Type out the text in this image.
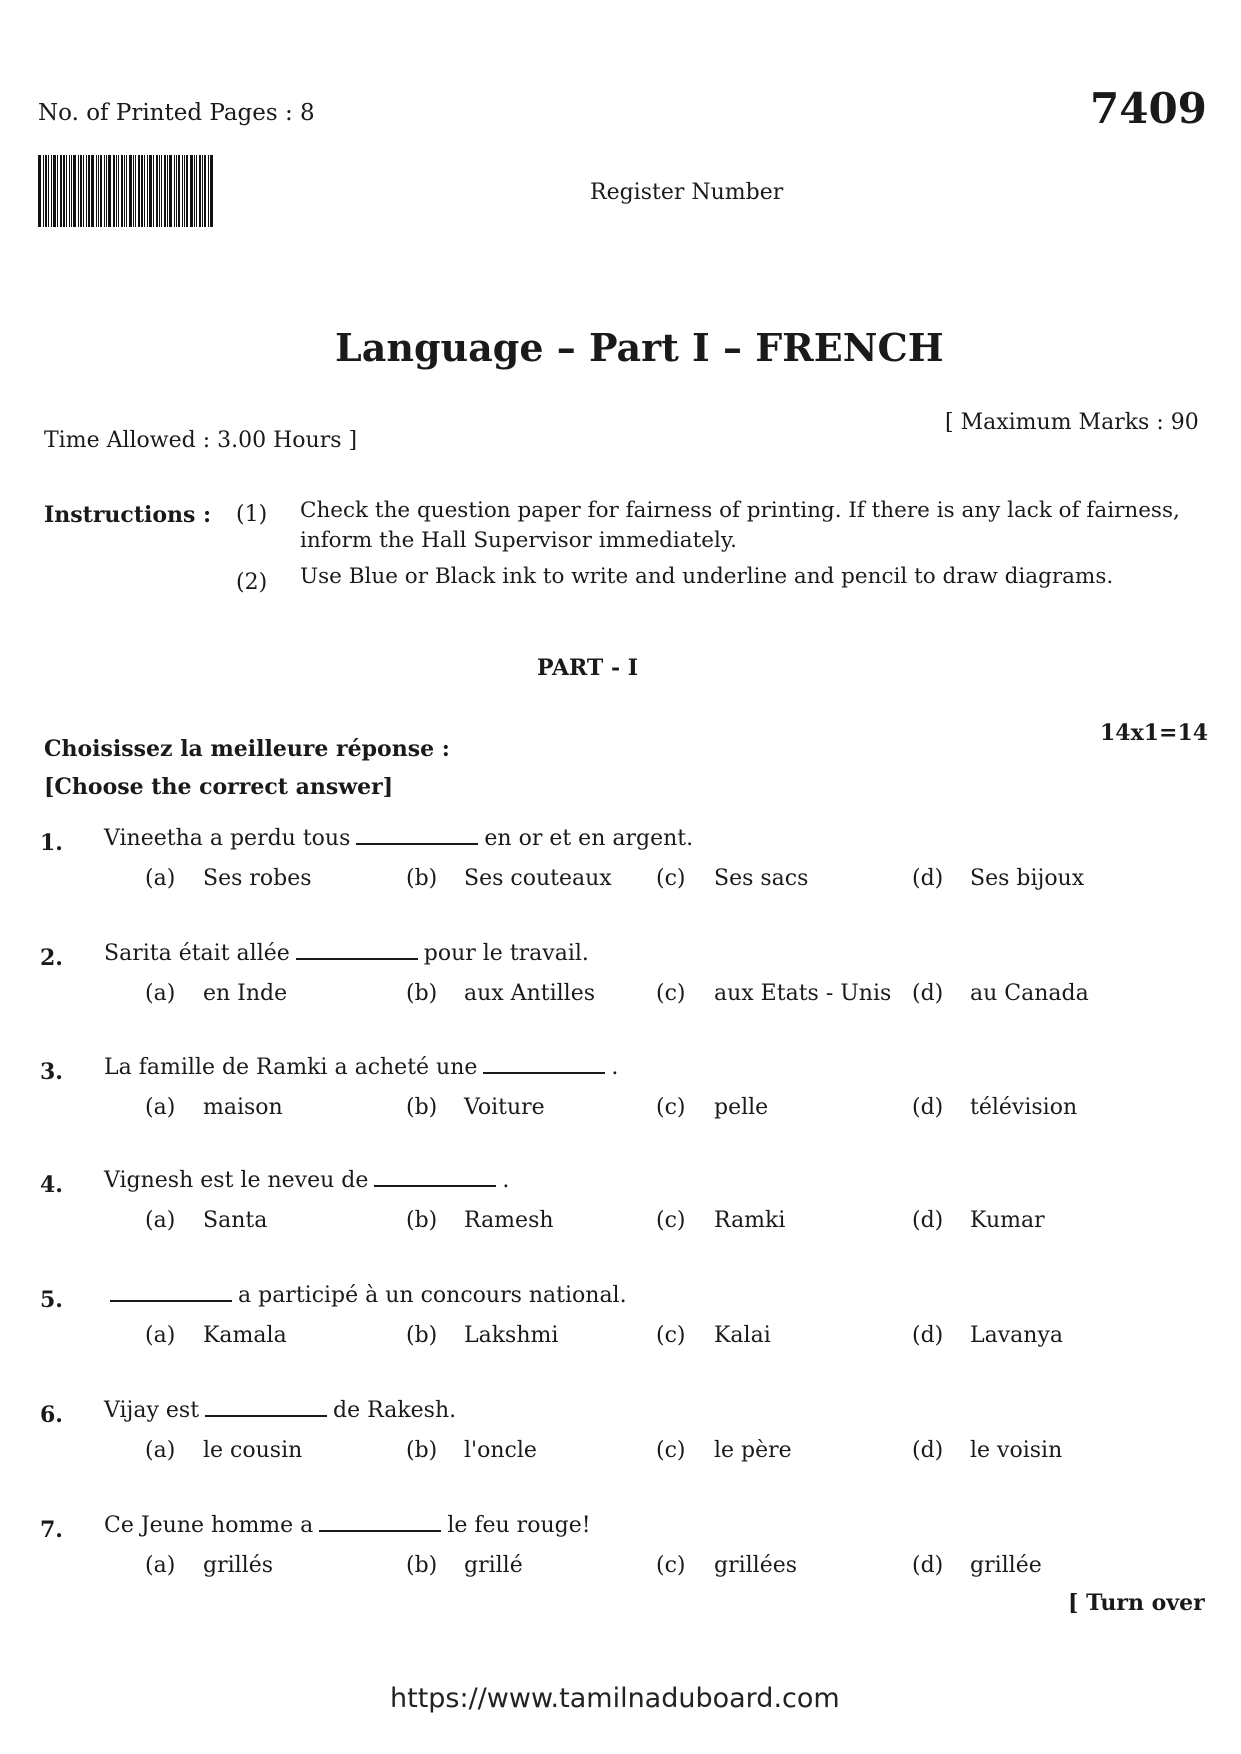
No. of Printed Pages : 8	7409
Register Number
Language – Part I – FRENCH
Time Allowed : 3.00 Hours ]
[ Maximum Marks : 90
Instructions : (1) Check the question paper for fairness of printing. If there is any lack of fairness,
inform the Hall Supervisor immediately.
(2) Use Blue or Black ink to write and underline and pencil to draw diagrams.
PART - I
Choisissez la meilleure réponse :
14x1=14
[Choose the correct answer]
1. Vineetha a perdu tous	en or et en argent.
(a) Ses robes	(b) Ses couteaux (c) Ses sacs	(d) Ses bijoux
2. Sarita était allée	pour le travail.
(a) en Inde	(b) aux Antilles	(c) aux Etats - Unis (d) au Canada
3. La famille de Ramki a acheté une	.
(a) maison	(b) Voiture	(c) pelle	(d) télévision
4. Vignesh est le neveu de	.
(a) Santa	(b) Ramesh	(c) Ramki	(d) Kumar
5.	a participé à un concours national.
(a) Kamala	(b) Lakshmi	(c) Kalai	(d) Lavanya
6. Vijay est	de Rakesh.
(a) le cousin	(b) l'oncle	(c) le père	(d) le voisin
7. Ce Jeune homme a	le feu rouge!
(a) grillés	(b) grillé	(c) grillées	(d) grillée
[ Turn over
https://www.tamilnaduboard.com
